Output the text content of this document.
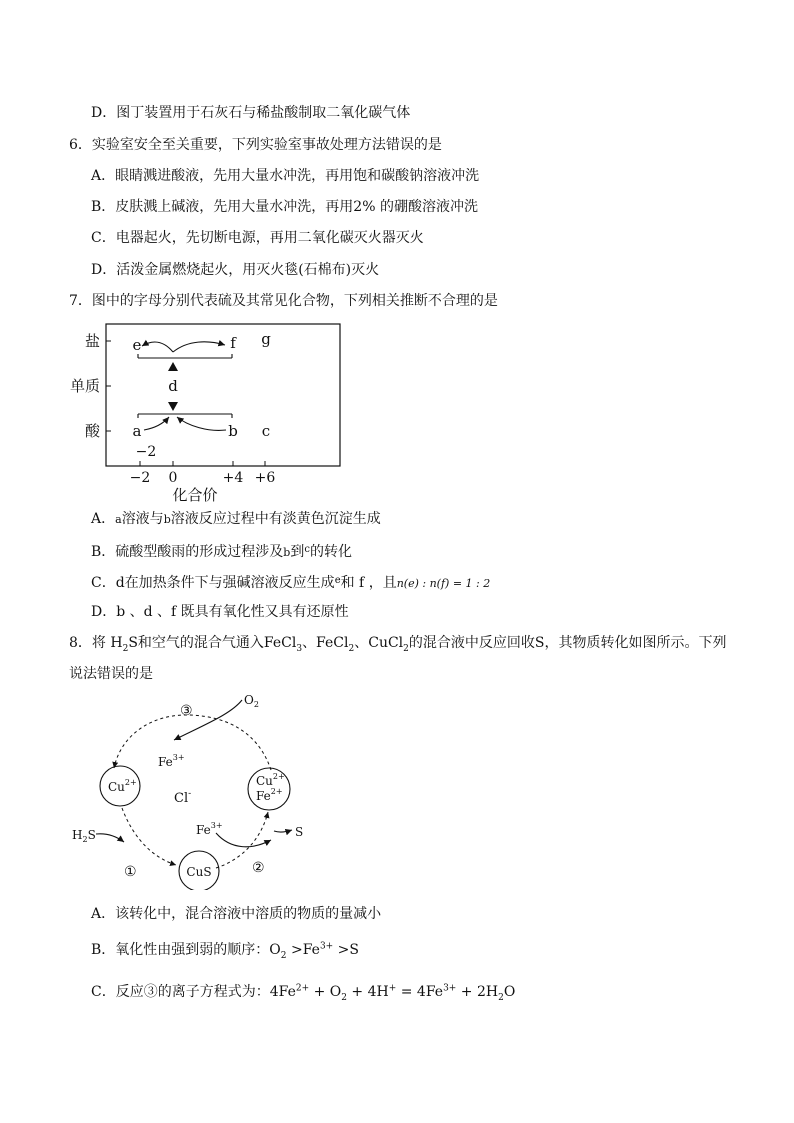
D．图丁装置用于石灰石与稀盐酸制取二氧化碳气体
6．实验室安全至关重要，下列实验室事故处理方法错误的是
A．眼睛溅进酸液，先用大量水冲洗，再用饱和碳酸钠溶液冲洗
B．皮肤溅上碱液，先用大量水冲洗，再用2% 的硼酸溶液冲洗
C．电器起火，先切断电源，再用二氧化碳灭火器灭火
D．活泼金属燃烧起火，用灭火毯(石棉布)灭火
7．图中的字母分别代表硫及其常见化合物，下列相关推断不合理的是
盐
单质
酸
−2 0	+4 +6
化合价
e	f g
d
a	b c
−2
A．a溶液与b溶液反应过程中有淡黄色沉淀生成
B．硫酸型酸雨的形成过程涉及b到$^c$的转化
C．d在加热条件下与强碱溶液反应生成$^e$和 f ，且n(e) : n(f) = 1 : 2
D．b 、d 、f 既具有氧化性又具有还原性
8．将 $H_2S$和空气的混合气通入FeCl$_3$、FeCl$_2$、CuCl$_2$的混合液中反应回收S，其物质转化如图所示。下列
说法错误的是
③
$O_2$
$Fe^{3+}$
$Cu^{2+}$
Cl-
$Cu^{2+}$
$Fe^{2+}$
$H_2S$	$Fe^{3+}$	S
①	②
CuS
A．该转化中，混合溶液中溶质的物质的量减小
B．氧化性由强到弱的顺序：$O_2 >Fe^{3+} >S$
C．反应③的离子方程式为：$4Fe^{2+} + O_2 + 4H^+ = 4Fe^{3+} + 2H_2O$
